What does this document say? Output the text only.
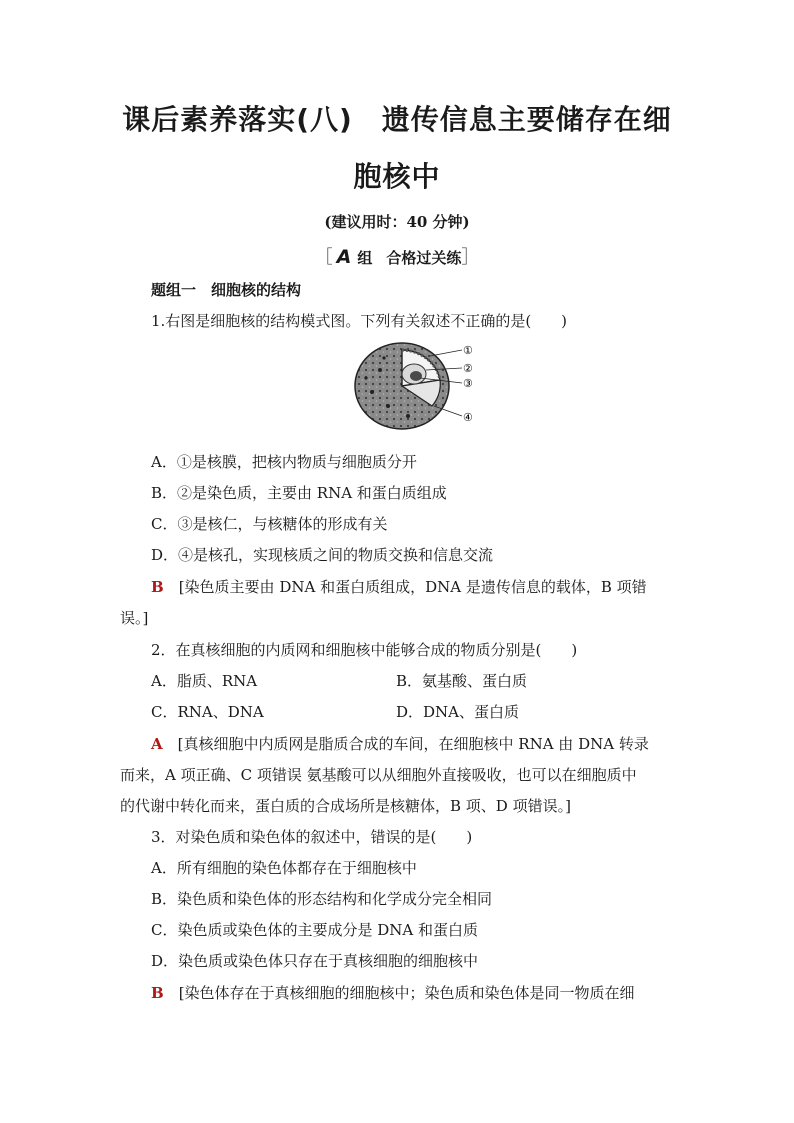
课后素养落实(八)　遗传信息主要储存在细
胞核中
(建议用时：40 分钟)
［ A 组 合格过关练］
题组一　细胞核的结构
1.右图是细胞核的结构模式图。下列有关叙述不正确的是(　　)
①
②
③
④
A．①是核膜，把核内物质与细胞质分开
B．②是染色质，主要由 RNA 和蛋白质组成
C．③是核仁，与核糖体的形成有关
D．④是核孔，实现核质之间的物质交换和信息交流
B　 [染色质主要由 DNA 和蛋白质组成，DNA 是遗传信息的载体，B 项错
误。]
2．在真核细胞的内质网和细胞核中能够合成的物质分别是(　　)
A．脂质、RNA	B．氨基酸、蛋白质
C．RNA、DNA	D．DNA、蛋白质
A　 [真核细胞中内质网是脂质合成的车间，在细胞核中 RNA 由 DNA 转录
而来，A 项正确、C 项错误 氨基酸可以从细胞外直接吸收，也可以在细胞质中
的代谢中转化而来，蛋白质的合成场所是核糖体，B 项、D 项错误。]
3．对染色质和染色体的叙述中，错误的是(　　)
A．所有细胞的染色体都存在于细胞核中
B．染色质和染色体的形态结构和化学成分完全相同
C．染色质或染色体的主要成分是 DNA 和蛋白质
D．染色质或染色体只存在于真核细胞的细胞核中
B　 [染色体存在于真核细胞的细胞核中；染色质和染色体是同一物质在细
